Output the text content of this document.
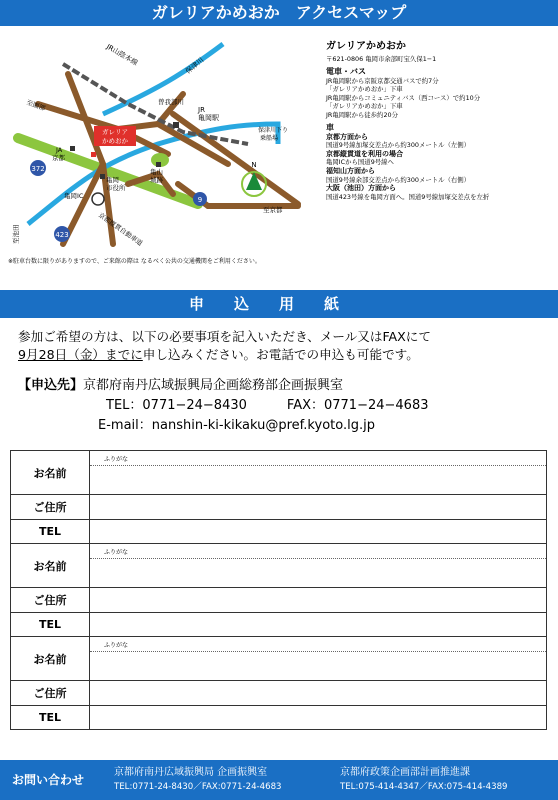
ガレリアかめおか　アクセスマップ
372
423
9
N
ガレリア
かめおか
JR山陰本線	保津川
JR
亀岡駅
保津川下り
乗船場
JA
京都
亀岡
市役所
亀山
城跡
亀岡IC
京都縦貫自動車道
至京都
至池田
至園部	曽我部川
※駐車台数に限りがありますので、ご来館の際は なるべく公共の交通機関をご利用ください。
ガレリアかめおか
〒621-0806 亀岡市余部町宝久保1−1
電車・バス
JR亀岡駅から京阪京都交通バスで約7分
「ガレリアかめおか」下車
JR亀岡駅からコミュニティバス（西コース）で約10分
「ガレリアかめおか」下車
JR亀岡駅から徒歩約20分
車
京都方面から
国道9号線加塚交差点から約300メートル（左側）
京都縦貫道を利用の場合
亀岡ICから国道9号線へ
福知山方面から
国道9号線余部交差点から約300メートル（右側）
大阪（池田）方面から
国道423号線を亀岡方面へ。国道9号線加塚交差点を左折
申込用紙
参加ご希望の方は、以下の必要事項を記入いただき、メール又はFAXにて
9月28日（金）までに申し込みください。お電話での申込も可能です。
【申込先】京都府南丹広域振興局企画総務部企画振興室
TEL：0771−24−8430	FAX：0771−24−4683
E-mail：nanshin-ki-kikaku@pref.kyoto.lg.jp
お名前	ふりがな

ご住所	
TEL	
お名前	ふりがな

ご住所	
TEL	
お名前	ふりがな

ご住所	
TEL	
お問い合わせ
京都府南丹広域振興局 企画振興室
TEL:0771-24-8430／FAX:0771-24-4683
京都府政策企画部計画推進課
TEL:075-414-4347／FAX:075-414-4389
